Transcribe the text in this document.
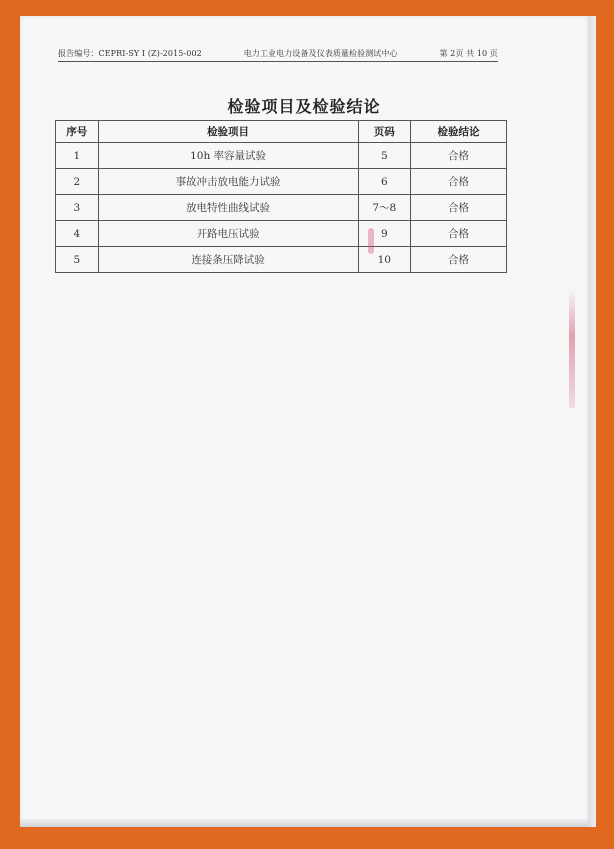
报告编号：CEPRI-SY I (Z)-2015-002	电力工业电力设备及仪表质量检验测试中心	第 2页 共 10 页
检验项目及检验结论
序号	检验项目	页码	检验结论
1	10h 率容量试验	5	合格
2	事故冲击放电能力试验	6	合格
3	放电特性曲线试验	7～8	合格
4	开路电压试验	9	合格
5	连接条压降试验	10	合格
